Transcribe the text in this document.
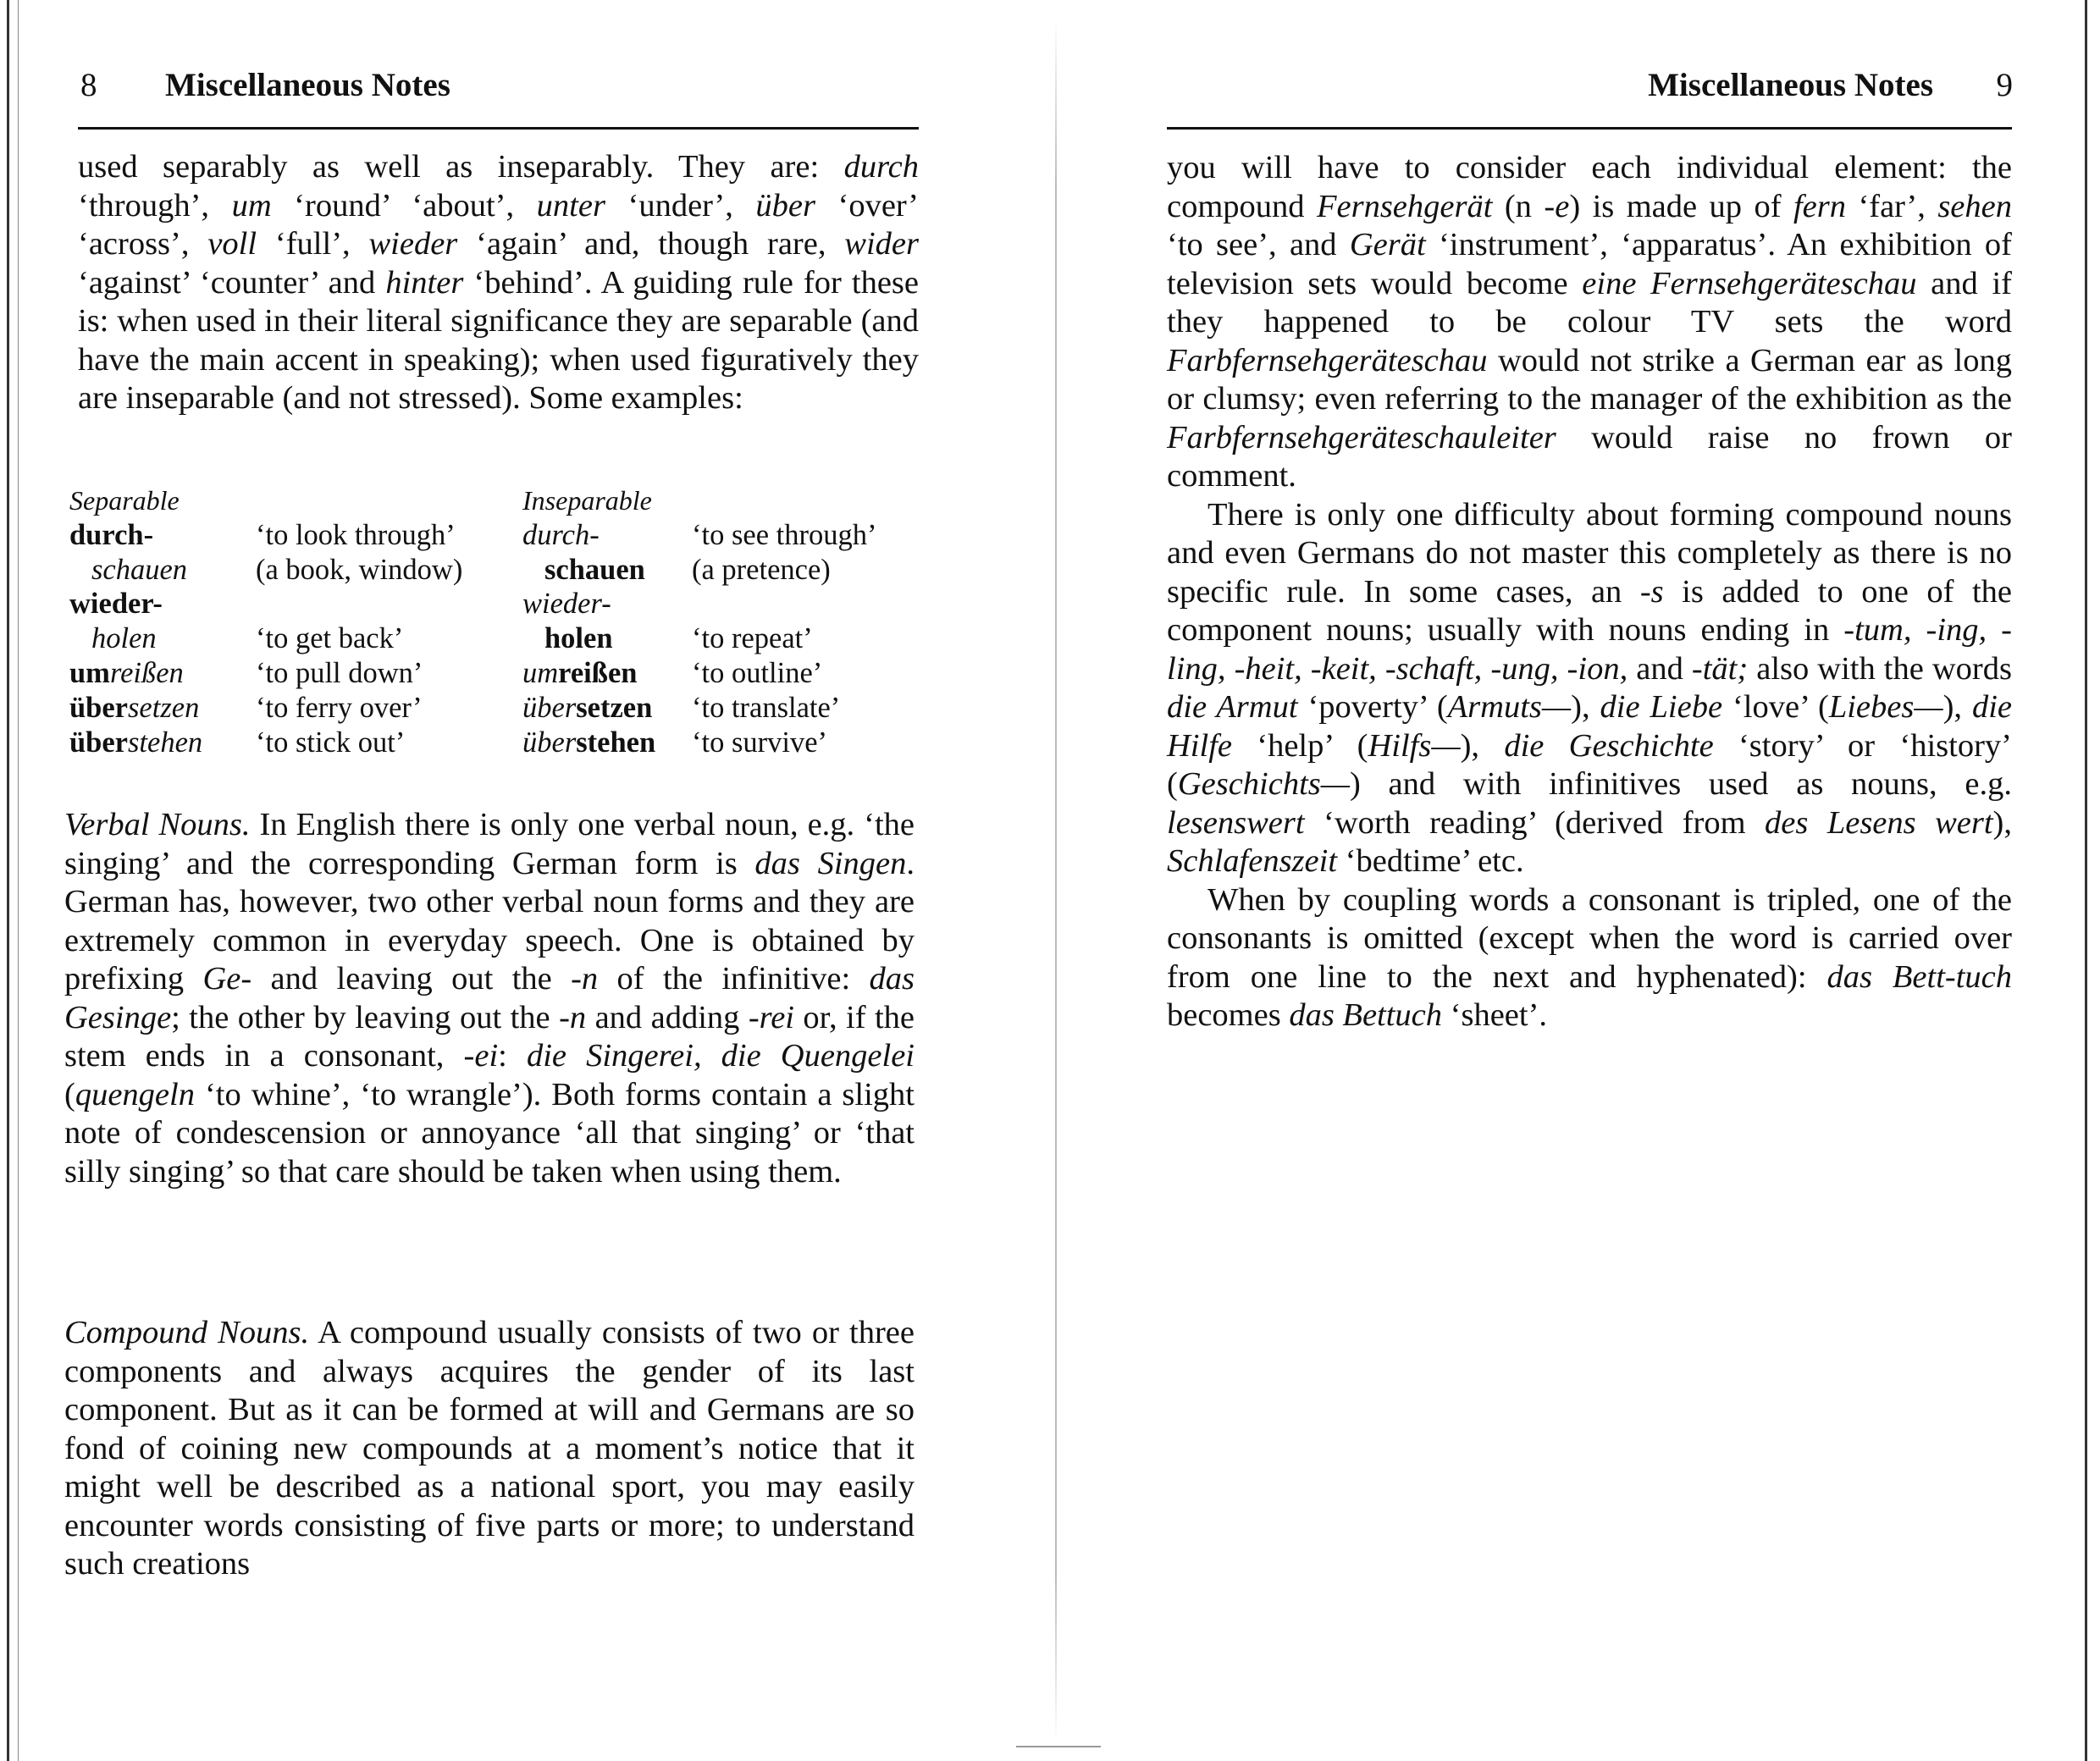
8 Miscellaneous Notes

used separably as well as inseparably. They are: durch ‘through’, um ‘round’ ‘about’, unter ‘under’, über ‘over’ ‘across’, voll ‘full’, wieder ‘again’ and, though rare, wider ‘against’ ‘counter’ and hinter ‘behind’. A guiding rule for these is: when used in their literal significance they are separable (and have the main accent in speaking); when used figuratively they are inseparable (and not stressed). Some examples:

Separable		Inseparable	
durch-	‘to look through’	durch-	‘to see through’
schauen	(a book, window)	schauen	(a pretence)
wieder-		wieder-	
holen	‘to get back’	holen	‘to repeat’
umreißen	‘to pull down’	umreißen	‘to outline’
übersetzen	‘to ferry over’	übersetzen	‘to translate’
überstehen	‘to stick out’	überstehen	‘to survive’

Verbal Nouns. In English there is only one verbal noun, e.g. ‘the singing’ and the corresponding German form is das Singen. German has, however, two other verbal noun forms and they are extremely common in everyday speech. One is obtained by prefixing Ge- and leaving out the -n of the infinitive: das Gesinge; the other by leaving out the -n and adding -rei or, if the stem ends in a consonant, -ei: die Singerei, die Quengelei (quengeln ‘to whine’, ‘to wrangle’). Both forms contain a slight note of condescension or annoyance ‘all that singing’ or ‘that silly singing’ so that care should be taken when using them.

Compound Nouns. A compound usually consists of two or three components and always acquires the gender of its last component. But as it can be formed at will and Germans are so fond of coining new compounds at a moment’s notice that it might well be described as a national sport, you may easily encounter words consisting of five parts or more; to understand such creations

Miscellaneous Notes 9

you will have to consider each individual element: the compound Fernsehgerät (n -e) is made up of fern ‘far’, sehen ‘to see’, and Gerät ‘instrument’, ‘apparatus’. An exhibition of television sets would become eine Fernsehgeräteschau and if they happened to be colour TV sets the word Farbfernsehgeräteschau would not strike a German ear as long or clumsy; even referring to the manager of the exhibition as the Farbfernsehgeräteschauleiter would raise no frown or comment.

There is only one difficulty about forming compound nouns and even Germans do not master this completely as there is no specific rule. In some cases, an -s is added to one of the component nouns; usually with nouns ending in -tum, -ing, -ling, -heit, -keit, -schaft, -ung, -ion, and -tät; also with the words die Armut ‘poverty’ (Armuts—), die Liebe ‘love’ (Liebes—), die Hilfe ‘help’ (Hilfs—), die Geschichte ‘story’ or ‘history’ (Geschichts—) and with infinitives used as nouns, e.g. lesenswert ‘worth reading’ (derived from des Lesens wert), Schlafenszeit ‘bedtime’ etc.

When by coupling words a consonant is tripled, one of the consonants is omitted (except when the word is carried over from one line to the next and hyphenated): das Bett-tuch becomes das Bettuch ‘sheet’.
